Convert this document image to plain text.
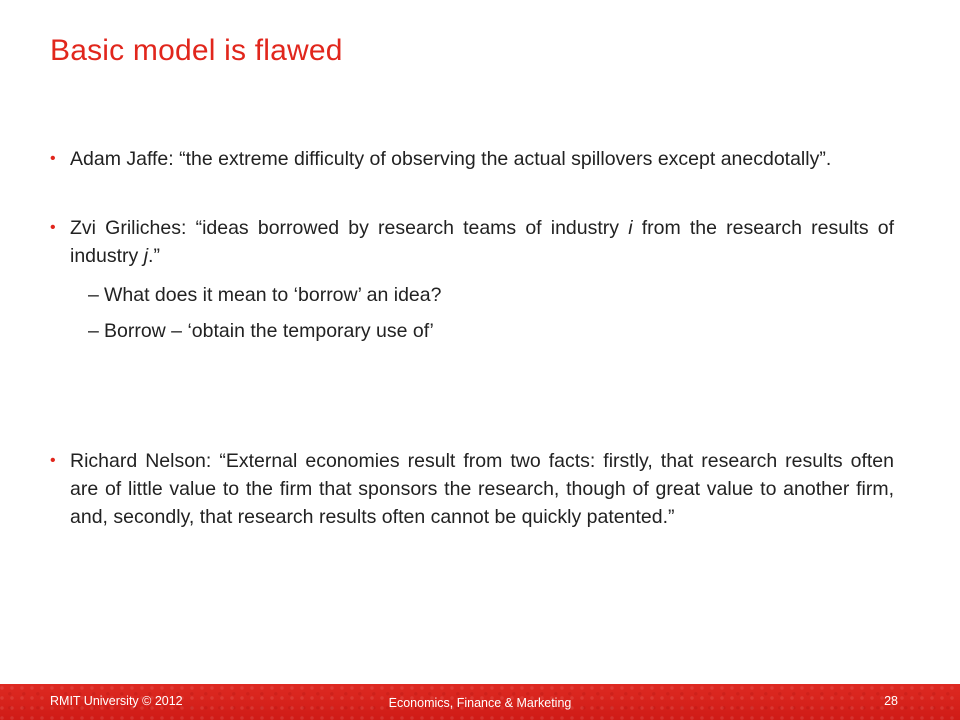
Basic model is flawed
• Adam Jaffe: “the extreme difficulty of observing the actual spillovers except anecdotally”.
• Zvi Griliches: “ideas borrowed by research teams of industry i from the research results of industry j.”
– What does it mean to ‘borrow’ an idea?
– Borrow – ‘obtain the temporary use of’
• Richard Nelson: “External economies result from two facts: firstly, that research results often are of little value to the firm that sponsors the research, though of great value to another firm, and, secondly, that research results often cannot be quickly patented.”
RMIT University © 2012	Economics, Finance & Marketing	28
